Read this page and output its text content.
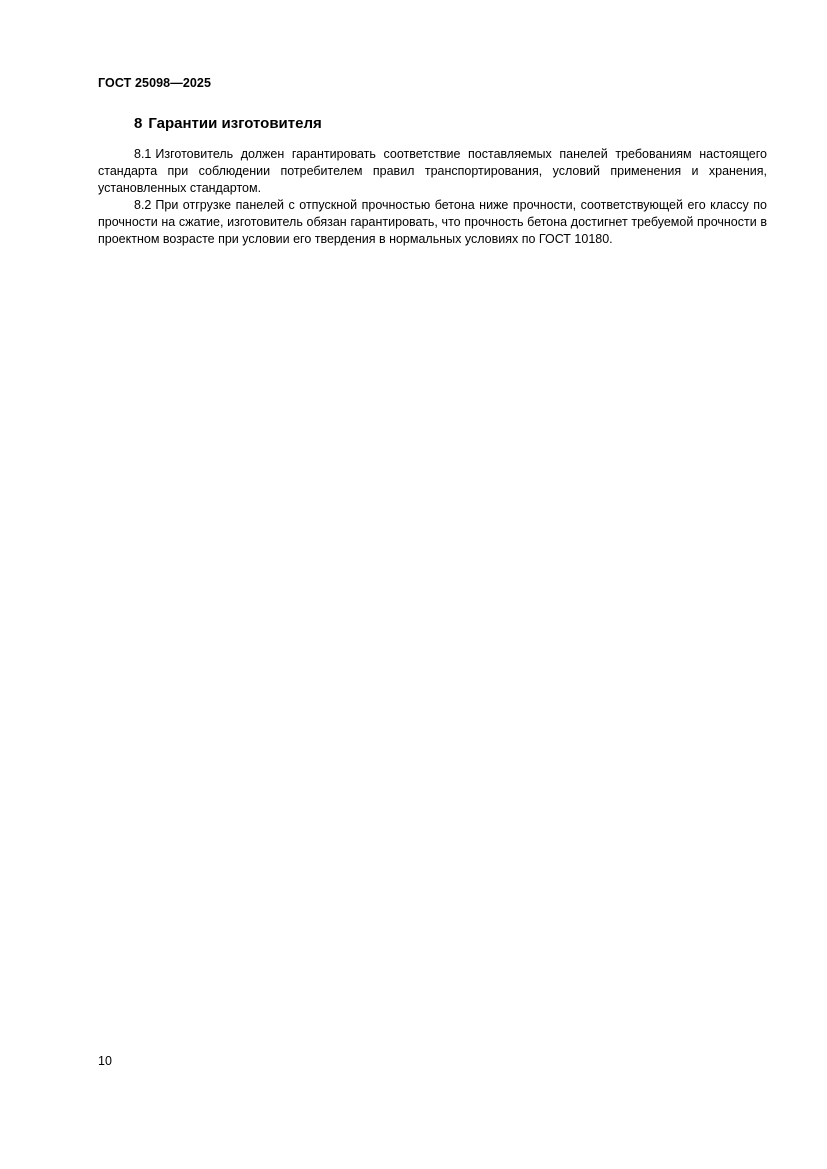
ГОСТ 25098—2025
8 Гарантии изготовителя

8.1 Изготовитель должен гарантировать соответствие поставляемых панелей требованиям настоящего стандарта при соблюдении потребителем правил транспортирования, условий применения и хранения, установленных стандартом.

8.2 При отгрузке панелей с отпускной прочностью бетона ниже прочности, соответствующей его классу по прочности на сжатие, изготовитель обязан гарантировать, что прочность бетона достигнет требуемой прочности в проектном возрасте при условии его твердения в нормальных условиях по ГОСТ 10180.

10
